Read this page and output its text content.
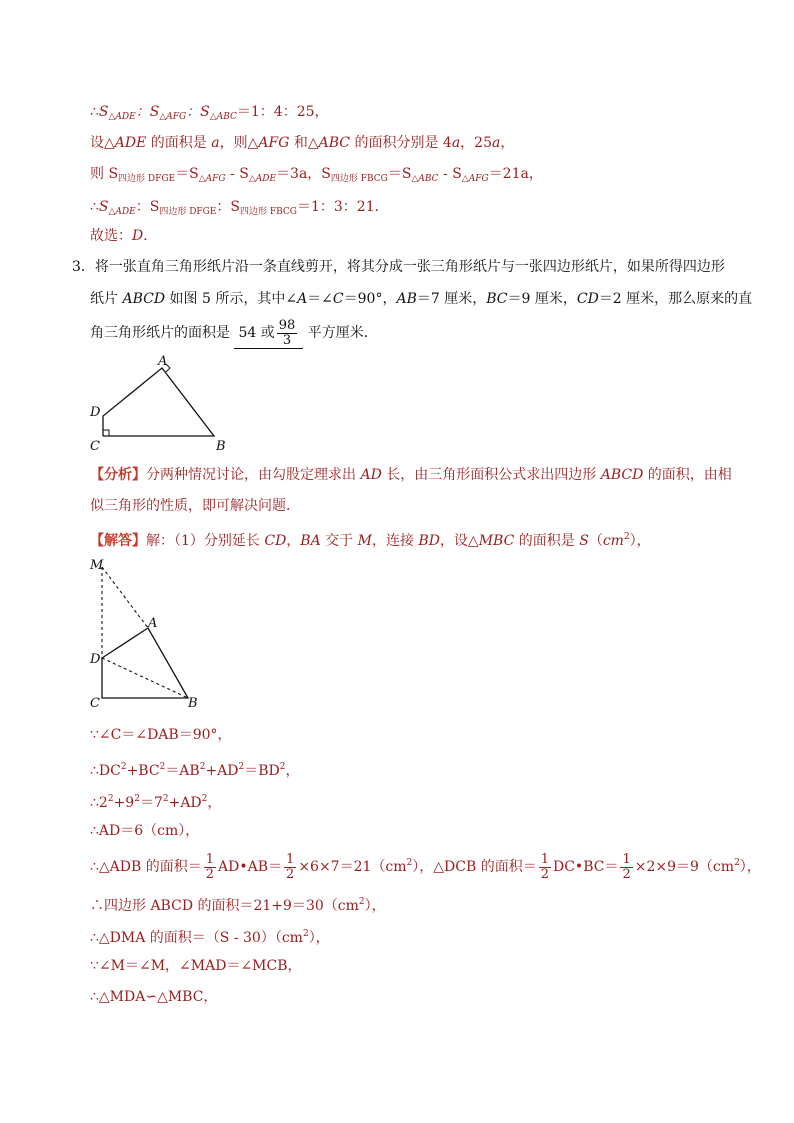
$\therefore S_{\triangle ADE}$：$S_{\triangle AFG}$：$S_{\triangle ABC}=1$：4：25，
设△ADE 的面积是 a，则△AFG 和△ABC 的面积分别是 4a，25a，
则 $S_{四边形 DFGE}=S_{\triangle AFG} - S_{\triangle ADE}=3a$，$S_{四边形 FBCG}=S_{\triangle ABC} - S_{\triangle AFG}=21a$，
$\therefore S_{\triangle ADE}$：$S_{四边形 DFGE}$：$S_{四边形 FBCG}=1$：3：21．
故选：D．
3．将一张直角三角形纸片沿一条直线剪开，将其分成一张三角形纸片与一张四边形纸片，如果所得四边形
纸片 ABCD 如图 5 所示，其中∠A＝∠C＝90°，AB＝7 厘米，BC＝9 厘米，CD＝2 厘米，那么原来的直
角三角形纸片的面积是 54 或 $\frac{98}{3}$ 平方厘米．
A
B
C
D
【分析】分两种情况讨论，由勾股定理求出 AD 长，由三角形面积公式求出四边形 ABCD 的面积，由相
似三角形的性质，即可解决问题．
【解答】解：（1）分别延长 CD，BA 交于 M，连接 BD，设△MBC 的面积是 $S(cm^2)$，
M
A
D
C	B
∵∠C＝∠DAB＝90°，
$\therefore DC^2+BC^2=AB^2+AD^2=BD^2$，
$\therefore 2^2+9^2=7^2+AD^2$，
∴AD＝6（cm），
∴△ADB 的面积＝ $\frac{1}{2}$ AD•AB＝ $\frac{1}{2} \times 6\times 7=21(cm^2)$，△DCB 的面积＝ $\frac{1}{2}$ DC•BC＝ $\frac{1}{2} \times 2\times 9=9(cm^2)$，
∴四边形 ABCD 的面积$=21+9=30(cm^2)$，
∴△DMA 的面积$=(S - 30)(cm^2)$，
∵∠M＝∠M，∠MAD＝∠MCB，
∴△MDA∽△MBC，
